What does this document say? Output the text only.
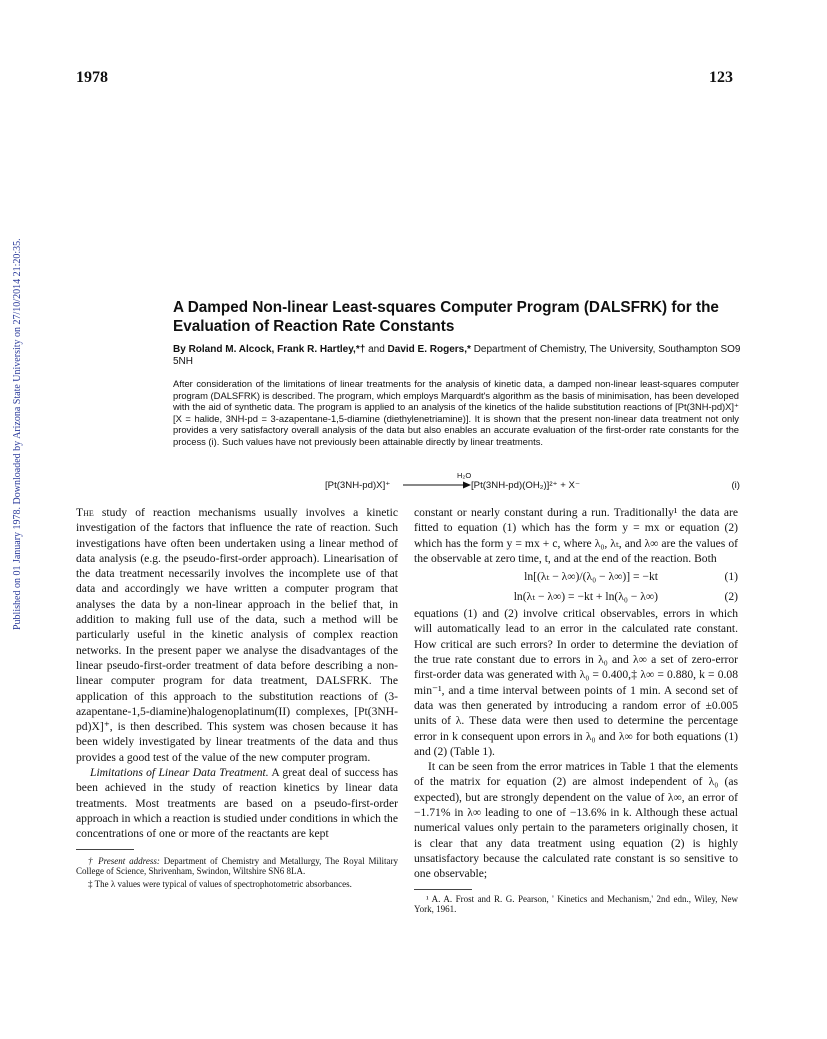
1978	123
Published on 01 January 1978. Downloaded by Arizona State University on 27/10/2014 21:20:35.	A Damped Non-linear Least-squares Computer Program (DALSFRK) for the Evaluation of Reaction Rate Constants
By Roland M. Alcock, Frank R. Hartley,*† and David E. Rogers,* Department of Chemistry, The University, Southampton SO9 5NH
After consideration of the limitations of linear treatments for the analysis of kinetic data, a damped non-linear least-squares computer program (DALSFRK) is described. The program, which employs Marquardt's algorithm as the basis of minimisation, has been developed with the aid of synthetic data. The program is applied to an analysis of the kinetics of the halide substitution reactions of [Pt(3NH-pd)X]⁺ [X = halide, 3NH-pd = 3-azapentane-1,5-diamine (diethylenetriamine)]. It is shown that the present non-linear data treatment not only provides a very satisfactory overall analysis of the data but also enables an accurate evaluation of the first-order rate constants for the process (i). Such values have not previously been attainable directly by linear treatments.
[Pt(3NH-pd)X]⁺
H₂O
[Pt(3NH-pd)(OH₂)]²⁺ + X⁻	(i)

The study of reaction mechanisms usually involves a kinetic investigation of the factors that influence the rate of reaction. Such investigations have often been undertaken using a linear method of data analysis (e.g. the pseudo-first-order approach). Linearisation of the data treatment necessarily involves the incomplete use of that data and accordingly we have written a computer program that analyses the data by a non-linear approach in the belief that, in addition to making full use of the data, such a method will be particularly useful in the kinetic analysis of complex reaction networks. In the present paper we analyse the disadvantages of the linear pseudo-first-order treatment of data before describing a non-linear computer program for data treatment, DALSFRK. The application of this approach to the substitution reactions of (3-azapentane-1,5-diamine)halogenoplatinum(II) complexes, [Pt(3NH-pd)X]⁺, is then described. This system was chosen because it has been widely investigated by linear treatments of the data and thus provides a good test of the value of the new computer program.

Limitations of Linear Data Treatment. A great deal of success has been achieved in the study of reaction kinetics by linear data treatments. Most treatments are based on a pseudo-first-order approach in which a reaction is studied under conditions in which the concentrations of one or more of the reactants are kept

† Present address: Department of Chemistry and Metallurgy, The Royal Military College of Science, Shrivenham, Swindon, Wiltshire SN6 8LA.
‡ The λ values were typical of values of spectrophotometric absorbances.

constant or nearly constant during a run. Traditionally¹ the data are fitted to equation (1) which has the form y = mx or equation (2) which has the form y = mx + c, where λ₀, λₜ, and λ∞ are the values of the observable at zero time, t, and at the end of the reaction. Both

ln[(λₜ − λ∞)/(λ₀ − λ∞)] = −kt	(1)
ln(λₜ − λ∞) = −kt + ln(λ₀ − λ∞)	(2)

equations (1) and (2) involve critical observables, errors in which will automatically lead to an error in the calculated rate constant. How critical are such errors? In order to determine the deviation of the true rate constant due to errors in λ₀ and λ∞ a set of zero-error first-order data was generated with λ₀ = 0.400,‡ λ∞ = 0.880, k = 0.08 min⁻¹, and a time interval between points of 1 min. A second set of data was then generated by introducing a random error of ±0.005 units of λ. These data were then used to determine the percentage error in k consequent upon errors in λ₀ and λ∞ for both equations (1) and (2) (Table 1).

It can be seen from the error matrices in Table 1 that the elements of the matrix for equation (2) are almost independent of λ₀ (as expected), but are strongly dependent on the value of λ∞, an error of −1.71% in λ∞ leading to one of −13.6% in k. Although these actual numerical values only pertain to the parameters originally chosen, it is clear that any data treatment using equation (2) is highly unsatisfactory because the calculated rate constant is so sensitive to one observable;

¹ A. A. Frost and R. G. Pearson, ' Kinetics and Mechanism,' 2nd edn., Wiley, New York, 1961.
